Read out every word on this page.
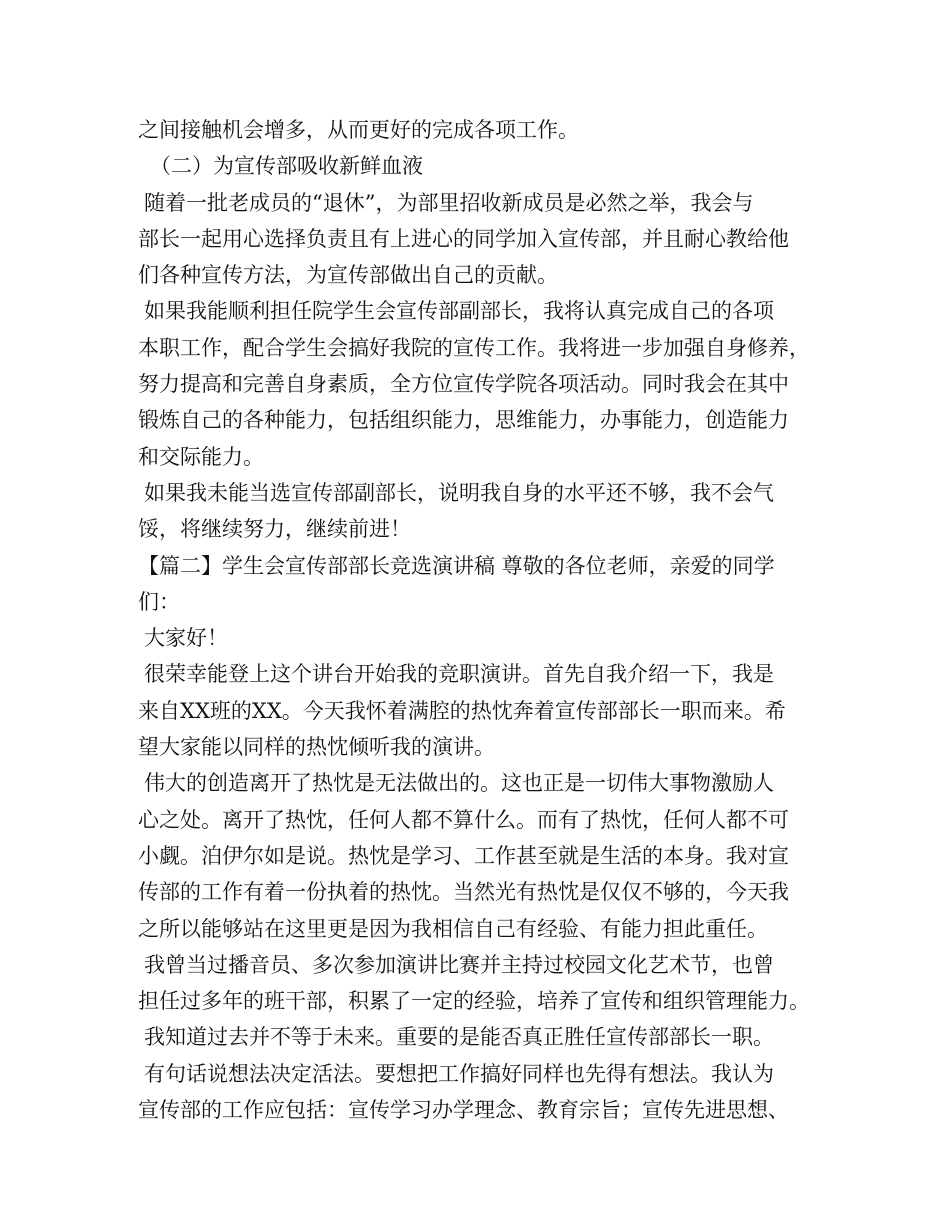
之间接触机会增多，从而更好的完成各项工作。
（二）为宣传部吸收新鲜血液
随着一批老成员的“退休”，为部里招收新成员是必然之举，我会与
部长一起用心选择负责且有上进心的同学加入宣传部，并且耐心教给他
们各种宣传方法，为宣传部做出自己的贡献。
如果我能顺利担任院学生会宣传部副部长，我将认真完成自己的各项
本职工作，配合学生会搞好我院的宣传工作。我将进一步加强自身修养，
努力提高和完善自身素质，全方位宣传学院各项活动。同时我会在其中
锻炼自己的各种能力，包括组织能力，思维能力，办事能力，创造能力
和交际能力。
如果我未能当选宣传部副部长，说明我自身的水平还不够，我不会气
馁，将继续努力，继续前进！
【篇二】学生会宣传部部长竞选演讲稿 尊敬的各位老师，亲爱的同学
们：
大家好！
很荣幸能登上这个讲台开始我的竞职演讲。首先自我介绍一下，我是
来自XX班的XX。今天我怀着满腔的热忱奔着宣传部部长一职而来。希
望大家能以同样的热忱倾听我的演讲。
伟大的创造离开了热忱是无法做出的。这也正是一切伟大事物激励人
心之处。离开了热忱，任何人都不算什么。而有了热忱，任何人都不可
小觑。泊伊尔如是说。热忱是学习、工作甚至就是生活的本身。我对宣
传部的工作有着一份执着的热忱。当然光有热忱是仅仅不够的，今天我
之所以能够站在这里更是因为我相信自己有经验、有能力担此重任。
我曾当过播音员、多次参加演讲比赛并主持过校园文化艺术节，也曾
担任过多年的班干部，积累了一定的经验，培养了宣传和组织管理能力。
我知道过去并不等于未来。重要的是能否真正胜任宣传部部长一职。
有句话说想法决定活法。要想把工作搞好同样也先得有想法。我认为
宣传部的工作应包括：宣传学习办学理念、教育宗旨；宣传先进思想、
